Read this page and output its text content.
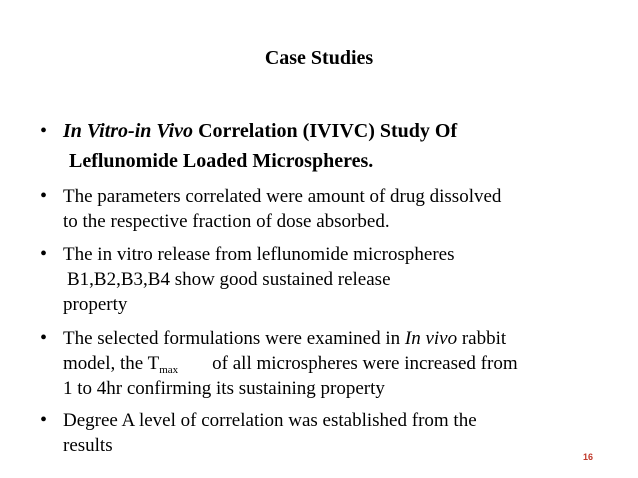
Case Studies
• In Vitro-in Vivo Correlation (IVIVC) Study Of
Leflunomide Loaded Microspheres.
• The parameters correlated were amount of drug dissolved
to the respective fraction of dose absorbed.
• The in vitro release from leflunomide microspheres
B1,B2,B3,B4 show good sustained release
property
• The selected formulations were examined in In vivo rabbit
model, the $T_{max}$ of all microspheres were increased from
1 to 4hr confirming its sustaining property
• Degree A level of correlation was established from the
results
16
